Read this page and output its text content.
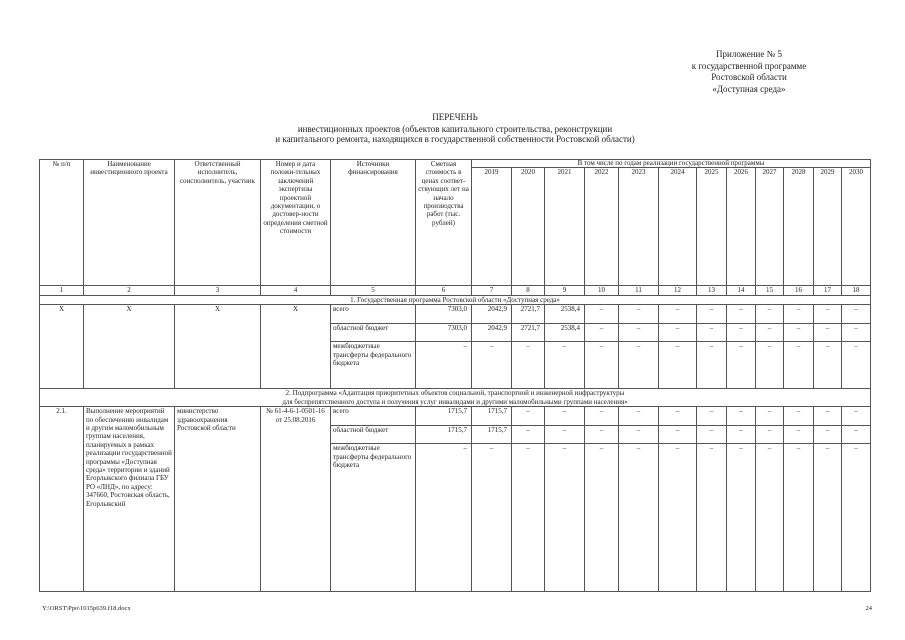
Приложение № 5
к государственной программе
Ростовской области
«Доступная среда»
ПЕРЕЧЕНЬ
инвестиционных проектов (объектов капитального строительства, реконструкции
и капитального ремонта, находящихся в государственной собственности Ростовской области)
№ п/п	Наименование инвестиционного проекта	Ответственный исполнитель, соисполнитель, участник	Номер и дата положи-тельных заключений экспертизы проектной документации, о достовер-ности определения сметной стоимости	Источники финансирования	Сметная стоимость в ценах соответ-ствующих лет на начало производства работ (тыс. рублей)	В том числе по годам реализации государственной программы											
						2019	2020	2021	2022	2023	2024	2025	2026	2027	2028	2029	2030
1	2	3	4	5	6	7	8	9	10	11	12	13	14	15	16	17	18
1. Государственная программа Ростовской области «Доступная среда»																	
Х	Х	Х	Х	всего	7303,0	2042,9	2721,7	2538,4	–	–	–	–	–	–	–	–	–
				областной бюджет	7303,0	2042,9	2721,7	2538,4	–	–	–	–	–	–	–	–	–
				межбюджетные трансферты федерального бюджета	–	–	–	–	–	–	–	–	–	–	–	–	–

2. Подпрограмма «Адаптация приоритетных объектов социальной, транспортной и инженерной инфраструктуры
для беспрепятственного доступа и получения услуг инвалидами и другими маломобильными группами населения»																	

2.1.	Выполнение мероприятий по обеспечению инвалидам и другим маломобильным группам населения, планируемых в рамках реализации государственной программы «Доступная среда» территории и зданий Егорлыкского филиала ГБУ РО «ЛНД», по адресу: 347660, Ростовская область, Егорлыкский	министерство здравоохранения Ростовской области	№ 61-4-6-1-0501-16 от 25.08.2016	всего	1715,7	1715,7	–	–	–	–	–	–	–	–	–	–	–
				областной бюджет	1715,7	1715,7	–	–	–	–	–	–	–	–	–	–	–
				межбюджетные трансферты федерального бюджета	–	–	–	–	–	–	–	–	–	–	–	–	–
Y:\ORST\Ppo\1015p639.f18.docx	24
